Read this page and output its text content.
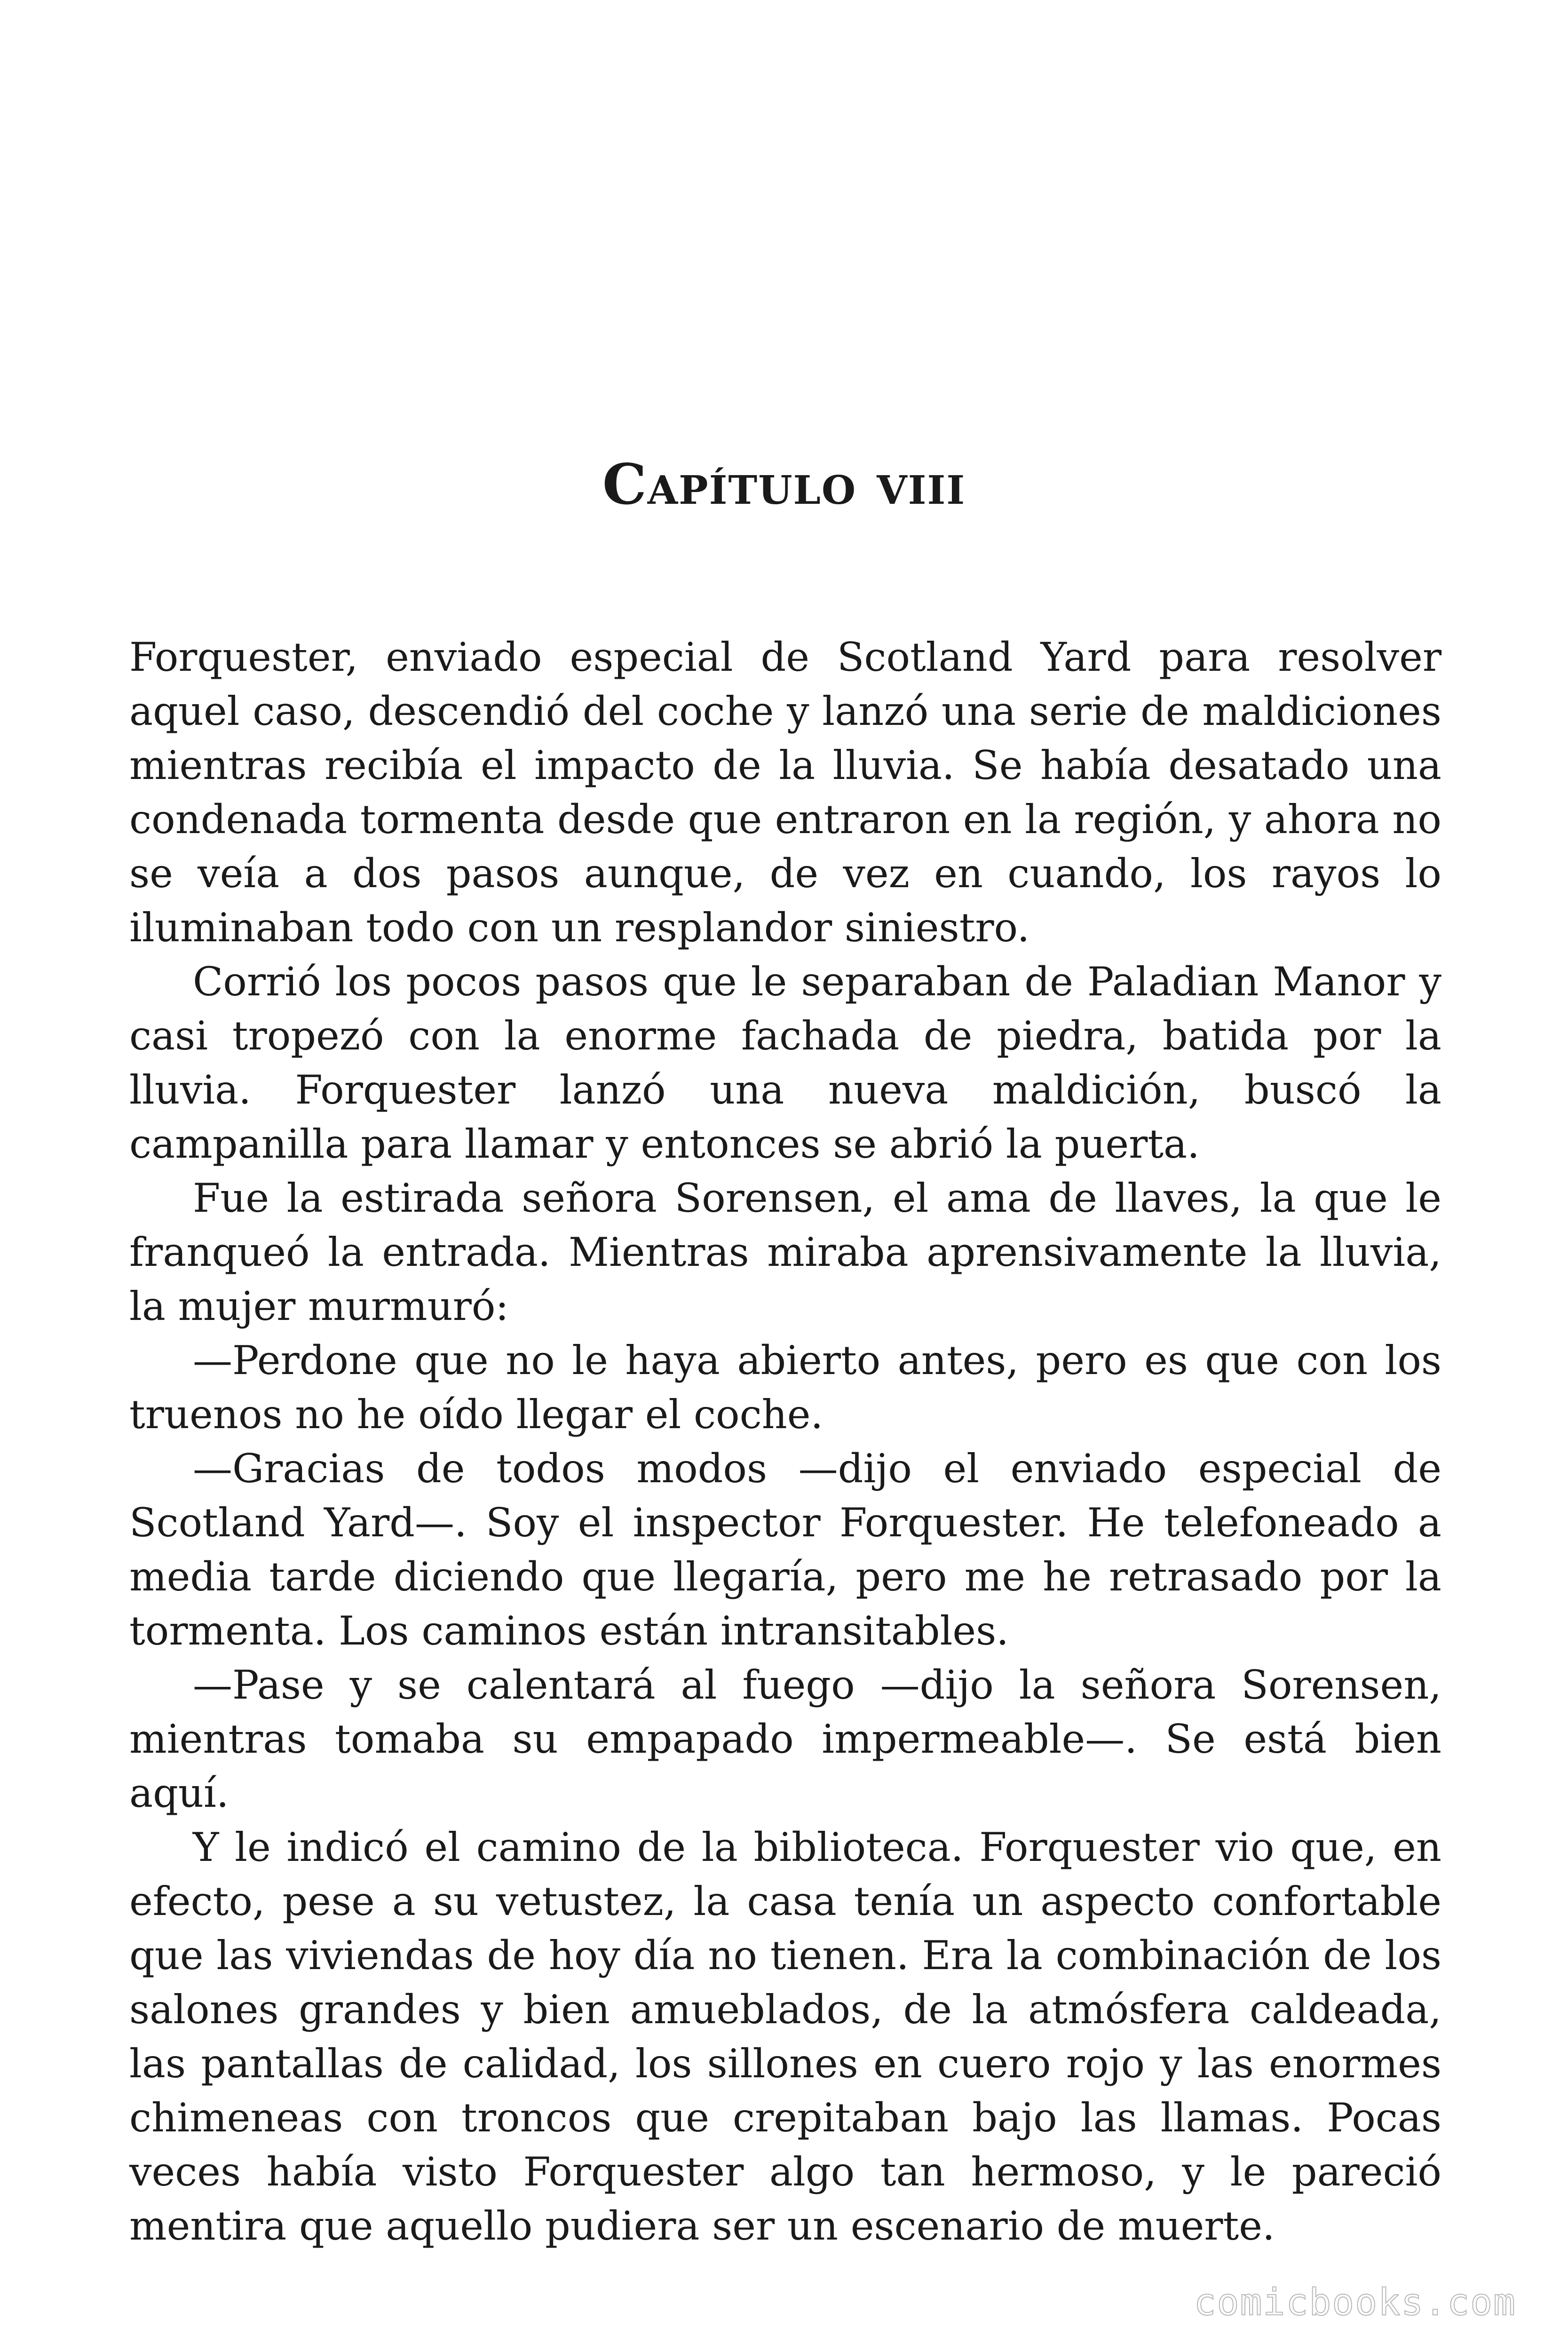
Capítulo viii

Forquester, enviado especial de Scotland Yard para resolver aquel caso, descendió del coche y lanzó una serie de maldiciones mientras recibía el impacto de la lluvia. Se había desatado una condenada tormenta desde que entraron en la región, y ahora no se veía a dos pasos aunque, de vez en cuando, los rayos lo iluminaban todo con un resplandor siniestro.

Corrió los pocos pasos que le separaban de Paladian Manor y casi tropezó con la enorme fachada de piedra, batida por la lluvia. Forquester lanzó una nueva maldición, buscó la campanilla para llamar y entonces se abrió la puerta.

Fue la estirada señora Sorensen, el ama de llaves, la que le franqueó la entrada. Mientras miraba aprensivamente la lluvia, la mujer murmuró:

—Perdone que no le haya abierto antes, pero es que con los truenos no he oído llegar el coche.

—Gracias de todos modos —dijo el enviado especial de Scotland Yard—. Soy el inspector Forquester. He telefoneado a media tarde diciendo que llegaría, pero me he retrasado por la tormenta. Los caminos están intransitables.

—Pase y se calentará al fuego —dijo la señora Sorensen, mientras tomaba su empapado impermeable—. Se está bien aquí.

Y le indicó el camino de la biblioteca. Forquester vio que, en efecto, pese a su vetustez, la casa tenía un aspecto confortable que las viviendas de hoy día no tienen. Era la combinación de los salones grandes y bien amueblados, de la atmósfera caldeada, las pantallas de calidad, los sillones en cuero rojo y las enormes chimeneas con troncos que crepitaban bajo las llamas. Pocas veces había visto Forquester algo tan hermoso, y le pareció mentira que aquello pudiera ser un escenario de muerte.

comicbooks.com
